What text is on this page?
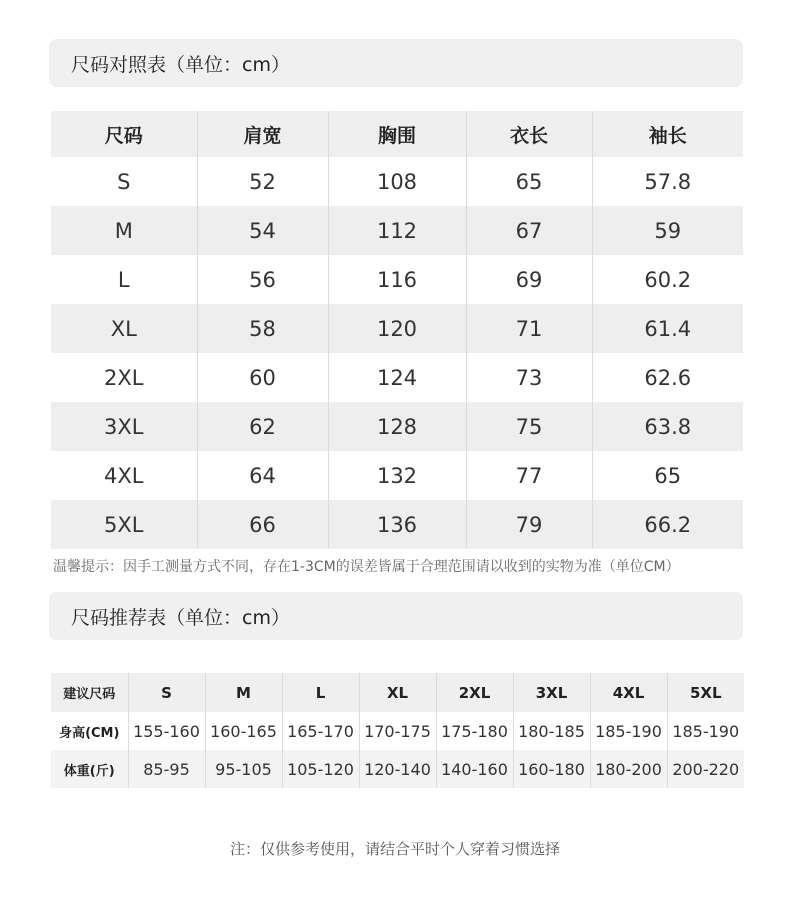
尺码对照表（单位：cm）
尺码	肩宽	胸围	衣长	袖长
S	52	108	65	57.8
M	54	112	67	59
L	56	116	69	60.2
XL	58	120	71	61.4
2XL	60	124	73	62.6
3XL	62	128	75	63.8
4XL	64	132	77	65
5XL	66	136	79	66.2
温馨提示：因手工测量方式不同，存在1-3CM的误差皆属于合理范围请以收到的实物为准（单位CM）
尺码推荐表（单位：cm）
建议尺码	S	M	L	XL	2XL	3XL	4XL	5XL
身高(CM)	155-160	160-165	165-170	170-175	175-180	180-185	185-190	185-190
体重(斤)	85-95	95-105	105-120	120-140	140-160	160-180	180-200	200-220
注：仅供参考使用，请结合平时个人穿着习惯选择
